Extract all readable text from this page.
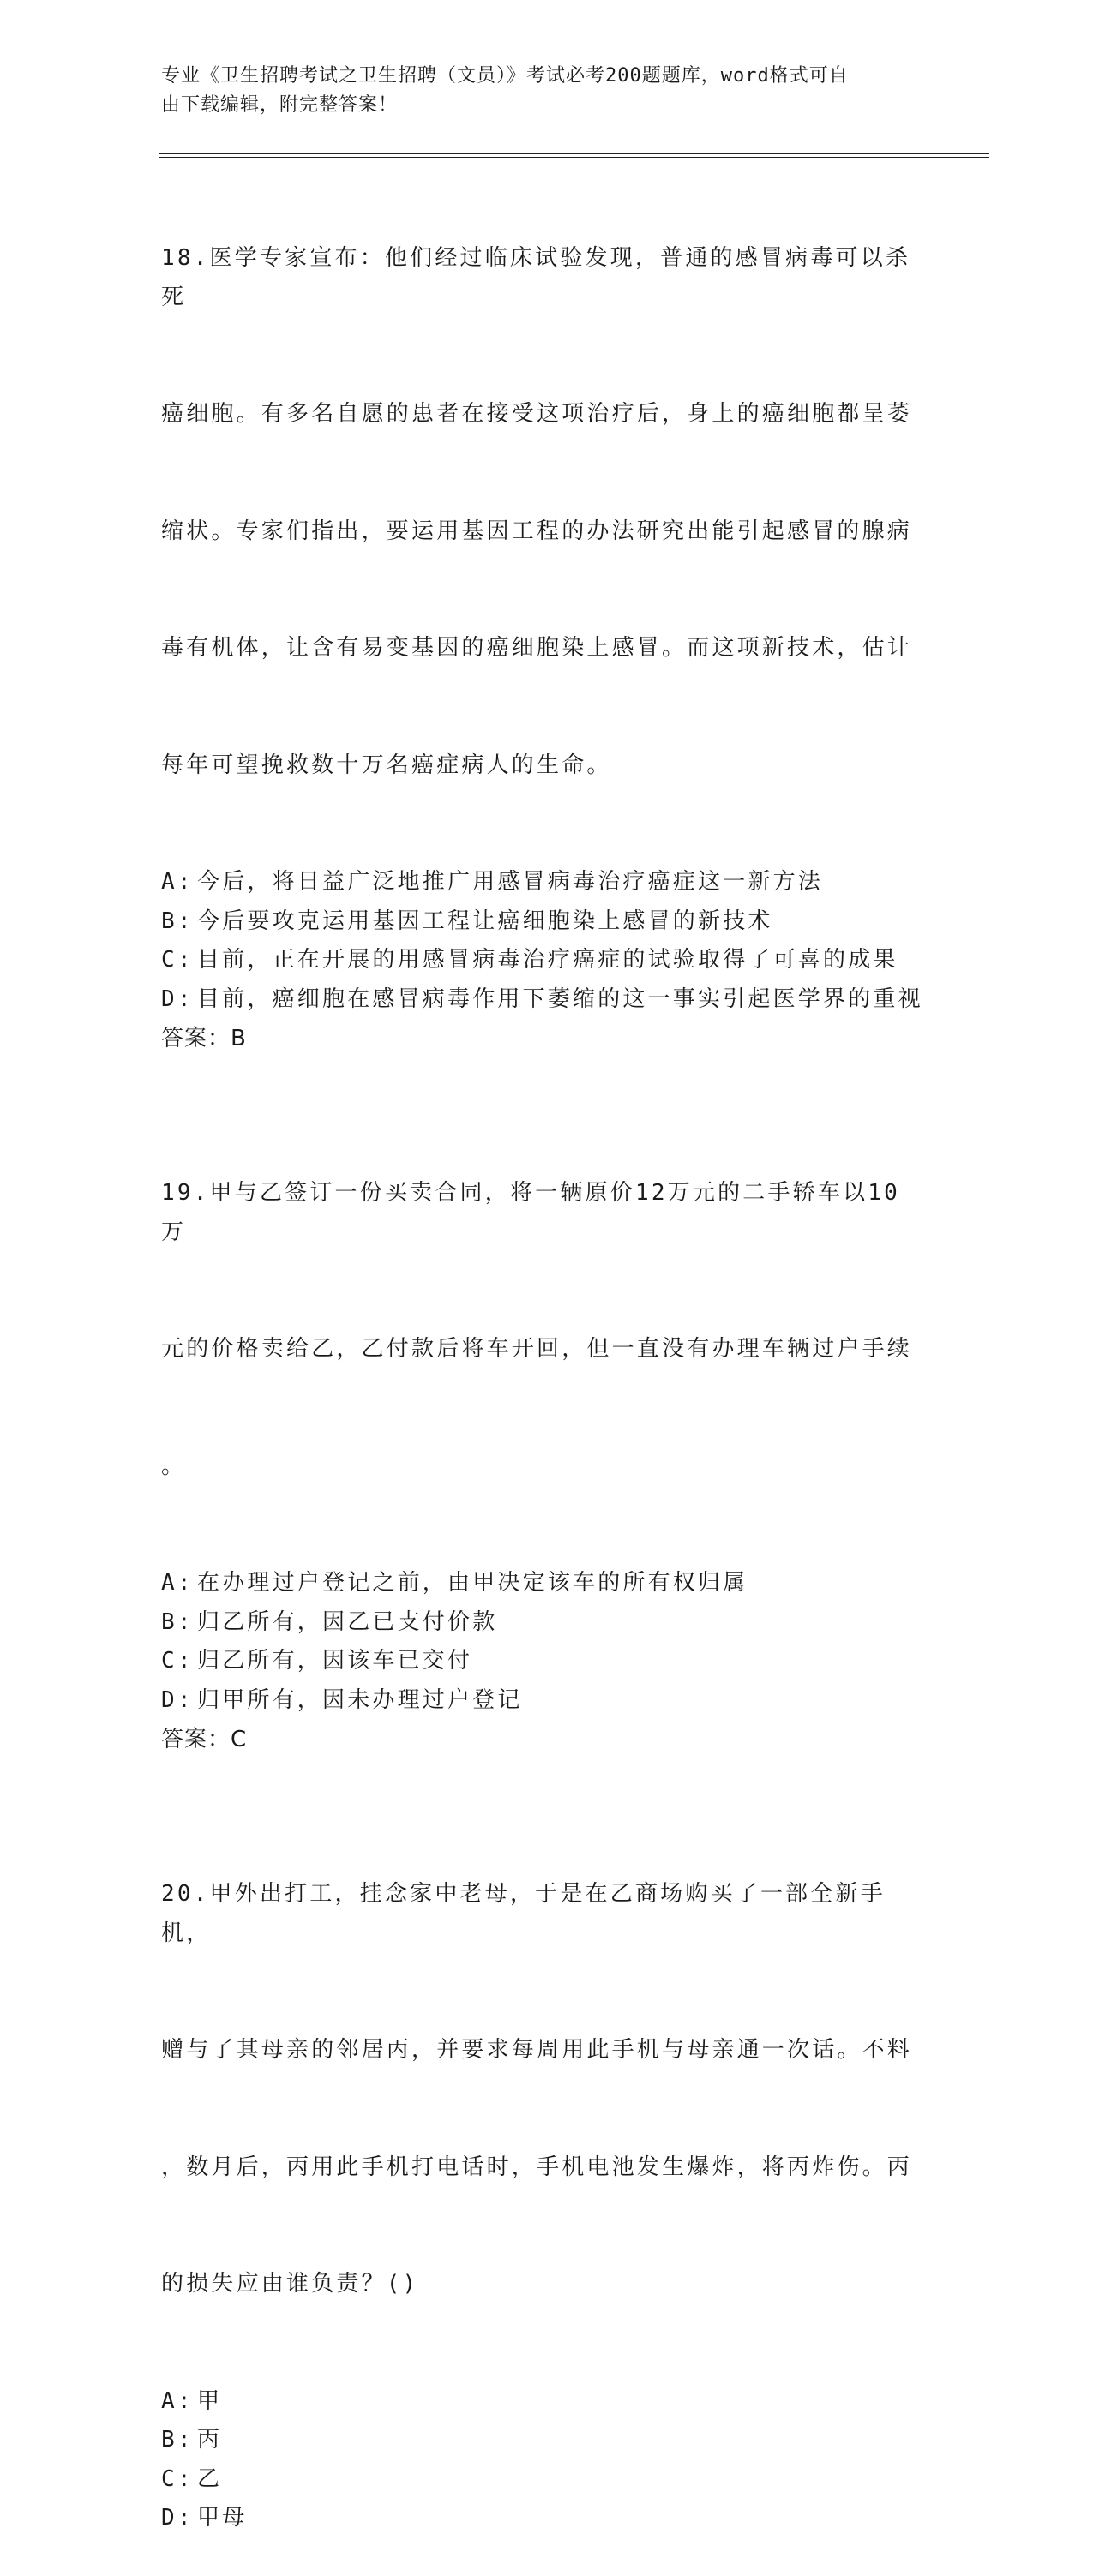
专业《卫生招聘考试之卫生招聘（文员）》考试必考200题题库，word格式可自
由下载编辑，附完整答案！

18.医学专家宣布：他们经过临床试验发现，普通的感冒病毒可以杀死

癌细胞。有多名自愿的患者在接受这项治疗后，身上的癌细胞都呈萎

缩状。专家们指出，要运用基因工程的办法研究出能引起感冒的腺病

毒有机体，让含有易变基因的癌细胞染上感冒。而这项新技术，估计

每年可望挽救数十万名癌症病人的生命。

A: 今后，将日益广泛地推广用感冒病毒治疗癌症这一新方法
B: 今后要攻克运用基因工程让癌细胞染上感冒的新技术
C: 目前，正在开展的用感冒病毒治疗癌症的试验取得了可喜的成果
D: 目前，癌细胞在感冒病毒作用下萎缩的这一事实引起医学界的重视
答案：B

19.甲与乙签订一份买卖合同，将一辆原价12万元的二手轿车以10万

元的价格卖给乙，乙付款后将车开回，但一直没有办理车辆过户手续

。

A: 在办理过户登记之前，由甲决定该车的所有权归属
B: 归乙所有，因乙已支付价款
C: 归乙所有，因该车已交付
D: 归甲所有，因未办理过户登记
答案：C

20.甲外出打工，挂念家中老母，于是在乙商场购买了一部全新手机，

赠与了其母亲的邻居丙，并要求每周用此手机与母亲通一次话。不料

，数月后，丙用此手机打电话时，手机电池发生爆炸，将丙炸伤。丙

的损失应由谁负责？()

A: 甲
B: 丙
C: 乙
D: 甲母
